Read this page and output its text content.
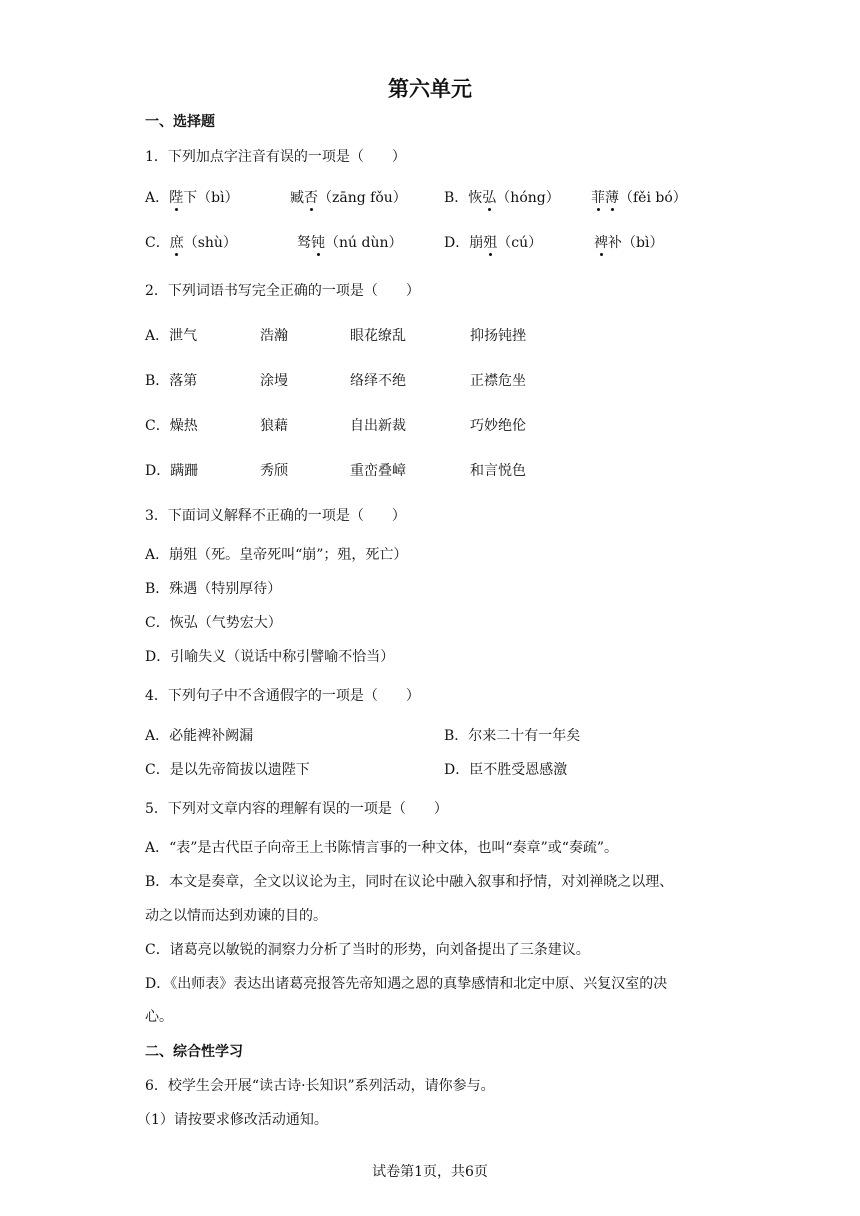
第六单元
一、选择题
1．下列加点字注音有误的一项是（　　）
A．陛下（bì）	臧否（zāng fǒu）	B．恢弘（hóng） 菲薄（fěi bó）
C．庶（shù）	驽钝（nú dùn）	D．崩殂（cú）	裨补（bì）
2．下列词语书写完全正确的一项是（　　）
A．泄气	浩瀚	眼花缭乱	抑扬钝挫
B．落第	涂墁	络绎不绝	正襟危坐
C．燥热	狼藉	自出新裁	巧妙绝伦
D．蹒跚	秀颀	重峦叠嶂	和言悦色
3．下面词义解释不正确的一项是（　　）
A．崩殂（死。皇帝死叫“崩”；殂，死亡）
B．殊遇（特别厚待）
C．恢弘（气势宏大）
D．引喻失义（说话中称引譬喻不恰当）
4．下列句子中不含通假字的一项是（　　）
A．必能裨补阙漏	B．尔来二十有一年矣
C．是以先帝简拔以遗陛下	D．臣不胜受恩感激
5．下列对文章内容的理解有误的一项是（　　）
A．“表”是古代臣子向帝王上书陈情言事的一种文体，也叫“奏章”或“奏疏”。
B．本文是奏章，全文以议论为主，同时在议论中融入叙事和抒情，对刘禅晓之以理、
动之以情而达到劝谏的目的。
C．诸葛亮以敏锐的洞察力分析了当时的形势，向刘备提出了三条建议。
D．《出师表》表达出诸葛亮报答先帝知遇之恩的真挚感情和北定中原、兴复汉室的决
心。
二、综合性学习
6．校学生会开展“读古诗·长知识”系列活动，请你参与。
（1）请按要求修改活动通知。
试卷第1页，共6页
